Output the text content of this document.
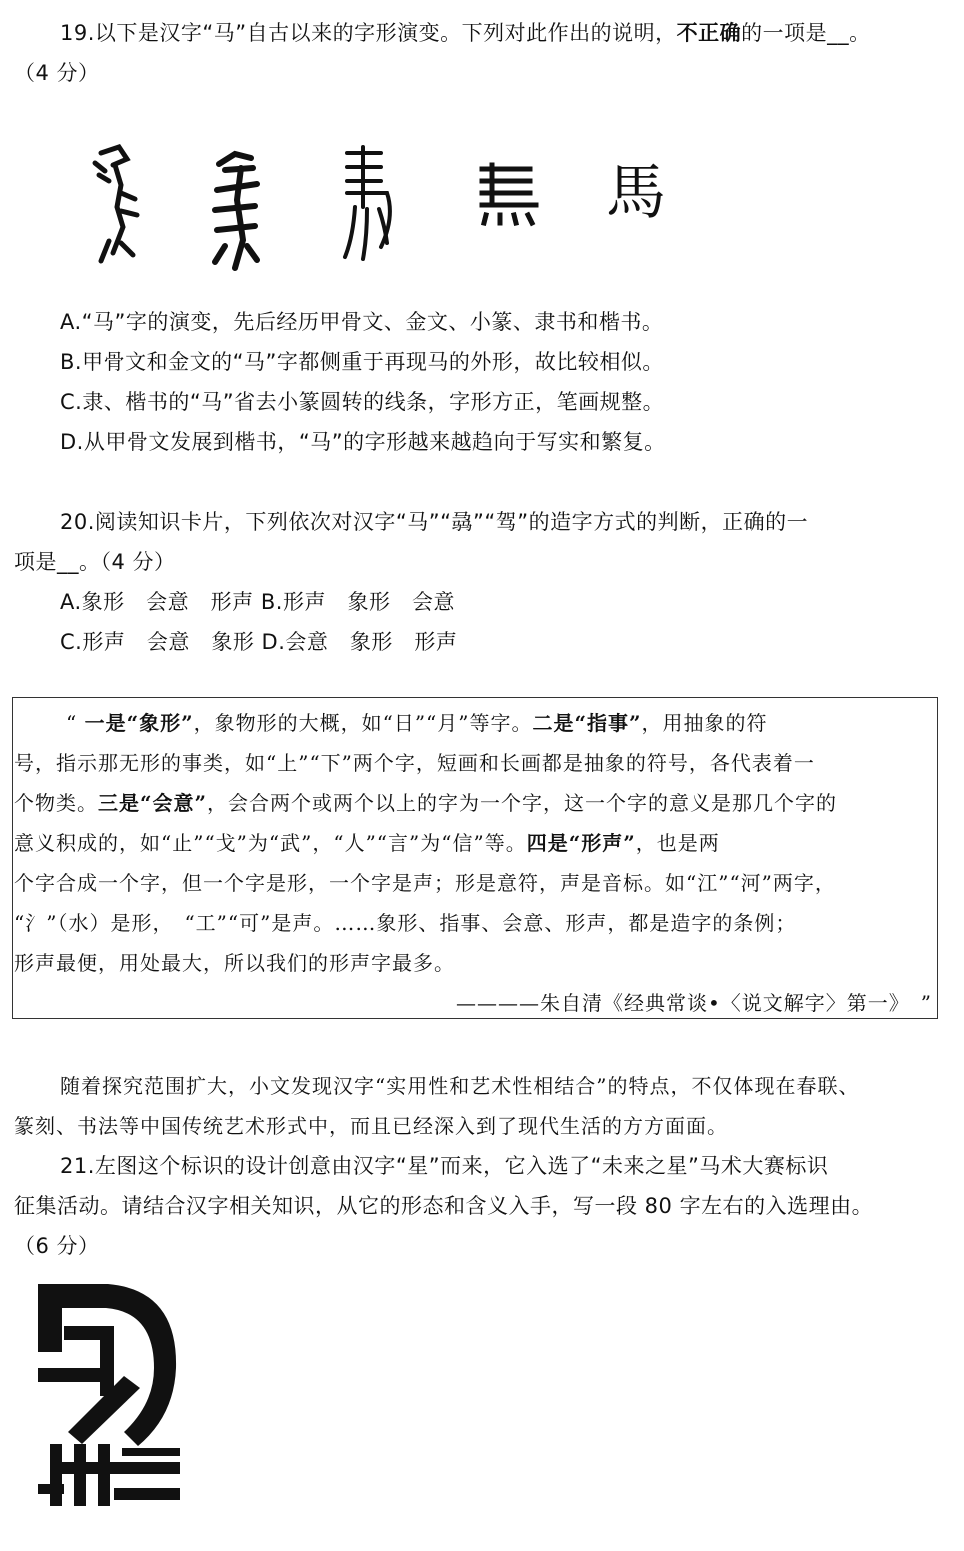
19.以下是汉字“马”自古以来的字形演变。下列对此作出的说明，不正确的一项是__。
（4 分）
馬
A.“马”字的演变，先后经历甲骨文、金文、小篆、隶书和楷书。
B.甲骨文和金文的“马”字都侧重于再现马的外形，故比较相似。
C.隶、楷书的“马”省去小篆圆转的线条，字形方正，笔画规整。
D.从甲骨文发展到楷书，“马”的字形越来越趋向于写实和繁复。
20.阅读知识卡片，下列依次对汉字“马”“骉”“驾”的造字方式的判断，正确的一
项是__。（4 分）
A.象形　会意　形声 B.形声　象形　会意
C.形声　会意　象形 D.会意　象形　形声
“ 一是“象形”，象物形的大概，如“日”“月”等字。二是“指事”，用抽象的符
号，指示那无形的事类，如“上”“下”两个字，短画和长画都是抽象的符号，各代表着一
个物类。三是“会意”，会合两个或两个以上的字为一个字，这一个字的意义是那几个字的
意义积成的，如“止”“戈”为“武”，“人”“言”为“信”等。四是“形声”，也是两
个字合成一个字，但一个字是形，一个字是声；形是意符，声是音标。如“江”“河”两字，
“氵”（水）是形，　“工”“可”是声。……象形、指事、会意、形声，都是造字的条例；
形声最便，用处最大，所以我们的形声字最多。
————朱自清《经典常谈•〈说文解字〉第一》　”
随着探究范围扩大，小文发现汉字“实用性和艺术性相结合”的特点，不仅体现在春联、
篆刻、书法等中国传统艺术形式中，而且已经深入到了现代生活的方方面面。
21.左图这个标识的设计创意由汉字“星”而来，它入选了“未来之星”马术大赛标识
征集活动。请结合汉字相关知识，从它的形态和含义入手，写一段 80 字左右的入选理由。
（6 分）
